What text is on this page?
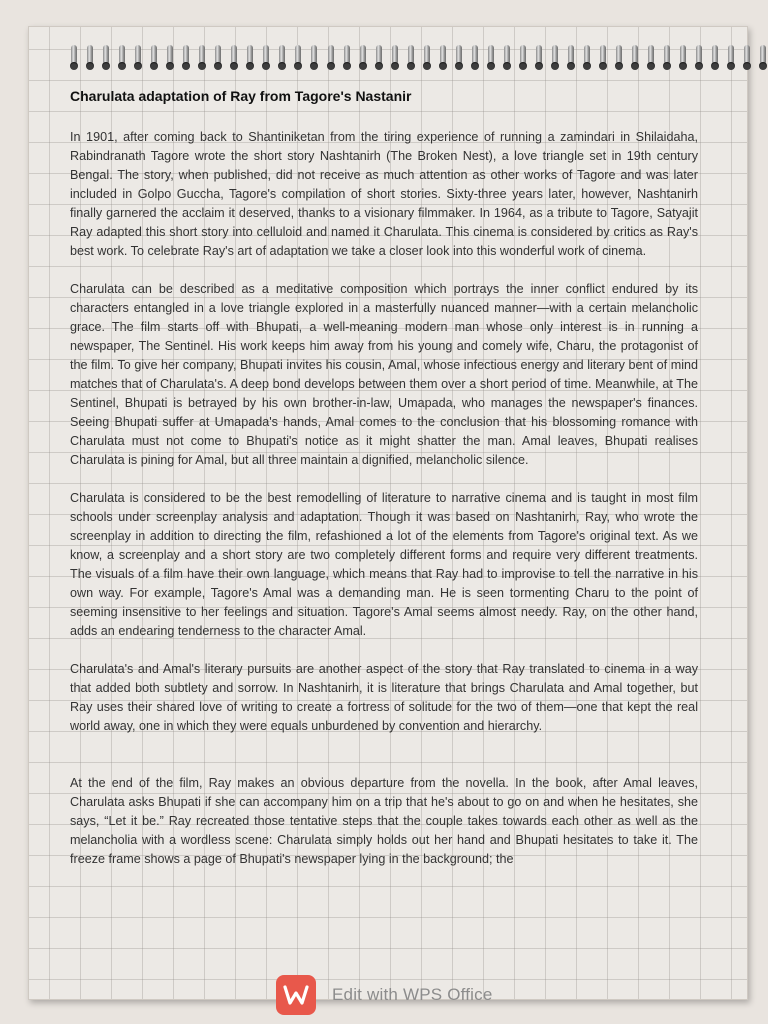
Charulata adaptation of Ray from Tagore's Nastanir

In 1901, after coming back to Shantiniketan from the tiring experience of running a zamindari in Shilaidaha, Rabindranath Tagore wrote the short story Nashtanirh (The Broken Nest), a love triangle set in 19th century Bengal. The story, when published, did not receive as much attention as other works of Tagore and was later included in Golpo Guccha, Tagore's compilation of short stories. Sixty-three years later, however, Nashtanirh finally garnered the acclaim it deserved, thanks to a visionary filmmaker. In 1964, as a tribute to Tagore, Satyajit Ray adapted this short story into celluloid and named it Charulata. This cinema is considered by critics as Ray's best work. To celebrate Ray's art of adaptation we take a closer look into this wonderful work of cinema.

Charulata can be described as a meditative composition which portrays the inner conflict endured by its characters entangled in a love triangle explored in a masterfully nuanced manner—with a certain melancholic grace. The film starts off with Bhupati, a well-meaning modern man whose only interest is in running a newspaper, The Sentinel. His work keeps him away from his young and comely wife, Charu, the protagonist of the film. To give her company, Bhupati invites his cousin, Amal, whose infectious energy and literary bent of mind matches that of Charulata's. A deep bond develops between them over a short period of time. Meanwhile, at The Sentinel, Bhupati is betrayed by his own brother-in-law, Umapada, who manages the newspaper's finances. Seeing Bhupati suffer at Umapada's hands, Amal comes to the conclusion that his blossoming romance with Charulata must not come to Bhupati's notice as it might shatter the man. Amal leaves, Bhupati realises Charulata is pining for Amal, but all three maintain a dignified, melancholic silence.

Charulata is considered to be the best remodelling of literature to narrative cinema and is taught in most film schools under screenplay analysis and adaptation. Though it was based on Nashtanirh, Ray, who wrote the screenplay in addition to directing the film, refashioned a lot of the elements from Tagore's original text. As we know, a screenplay and a short story are two completely different forms and require very different treatments. The visuals of a film have their own language, which means that Ray had to improvise to tell the narrative in his own way. For example, Tagore's Amal was a demanding man. He is seen tormenting Charu to the point of seeming insensitive to her feelings and situation. Tagore's Amal seems almost needy. Ray, on the other hand, adds an endearing tenderness to the character Amal.

Charulata's and Amal's literary pursuits are another aspect of the story that Ray translated to cinema in a way that added both subtlety and sorrow. In Nashtanirh, it is literature that brings Charulata and Amal together, but Ray uses their shared love of writing to create a fortress of solitude for the two of them—one that kept the real world away, one in which they were equals unburdened by convention and hierarchy.

At the end of the film, Ray makes an obvious departure from the novella. In the book, after Amal leaves, Charulata asks Bhupati if she can accompany him on a trip that he's about to go on and when he hesitates, she says, “Let it be.” Ray recreated those tentative steps that the couple takes towards each other as well as the melancholia with a wordless scene: Charulata simply holds out her hand and Bhupati hesitates to take it. The freeze frame shows a page of Bhupati's newspaper lying in the background; the

Edit with WPS Office
